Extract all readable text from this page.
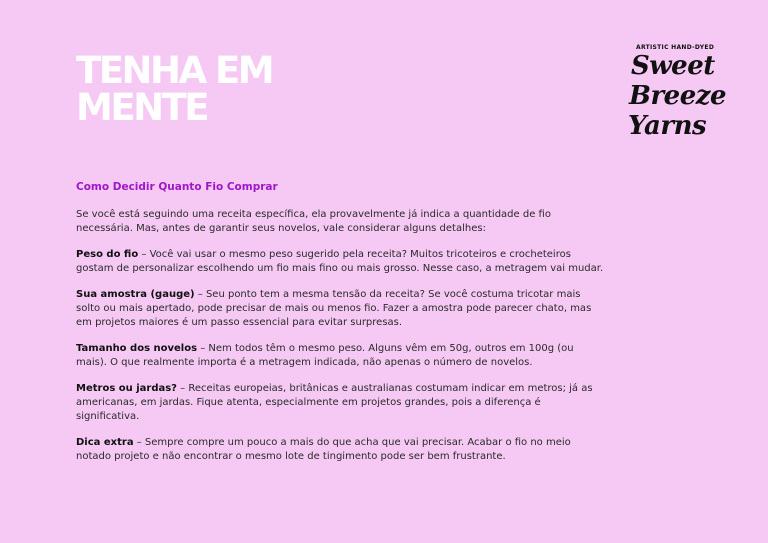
TENHA EM
MENTE
ARTISTIC HAND-DYED
Sweet
Breeze
Yarns
Como Decidir Quanto Fio Comprar

Se você está seguindo uma receita específica, ela provavelmente já indica a quantidade de fio necessária. Mas, antes de garantir seus novelos, vale considerar alguns detalhes:

Peso do fio – Você vai usar o mesmo peso sugerido pela receita? Muitos tricoteiros e crocheteiros gostam de personalizar escolhendo um fio mais fino ou mais grosso. Nesse caso, a metragem vai mudar.

Sua amostra (gauge) – Seu ponto tem a mesma tensão da receita? Se você costuma tricotar mais solto ou mais apertado, pode precisar de mais ou menos fio. Fazer a amostra pode parecer chato, mas em projetos maiores é um passo essencial para evitar surpresas.

Tamanho dos novelos – Nem todos têm o mesmo peso. Alguns vêm em 50g, outros em 100g (ou mais). O que realmente importa é a metragem indicada, não apenas o número de novelos.

Metros ou jardas? – Receitas europeias, britânicas e australianas costumam indicar em metros; já as americanas, em jardas. Fique atenta, especialmente em projetos grandes, pois a diferença é significativa.

Dica extra – Sempre compre um pouco a mais do que acha que vai precisar. Acabar o fio no meio notado projeto e não encontrar o mesmo lote de tingimento pode ser bem frustrante.
